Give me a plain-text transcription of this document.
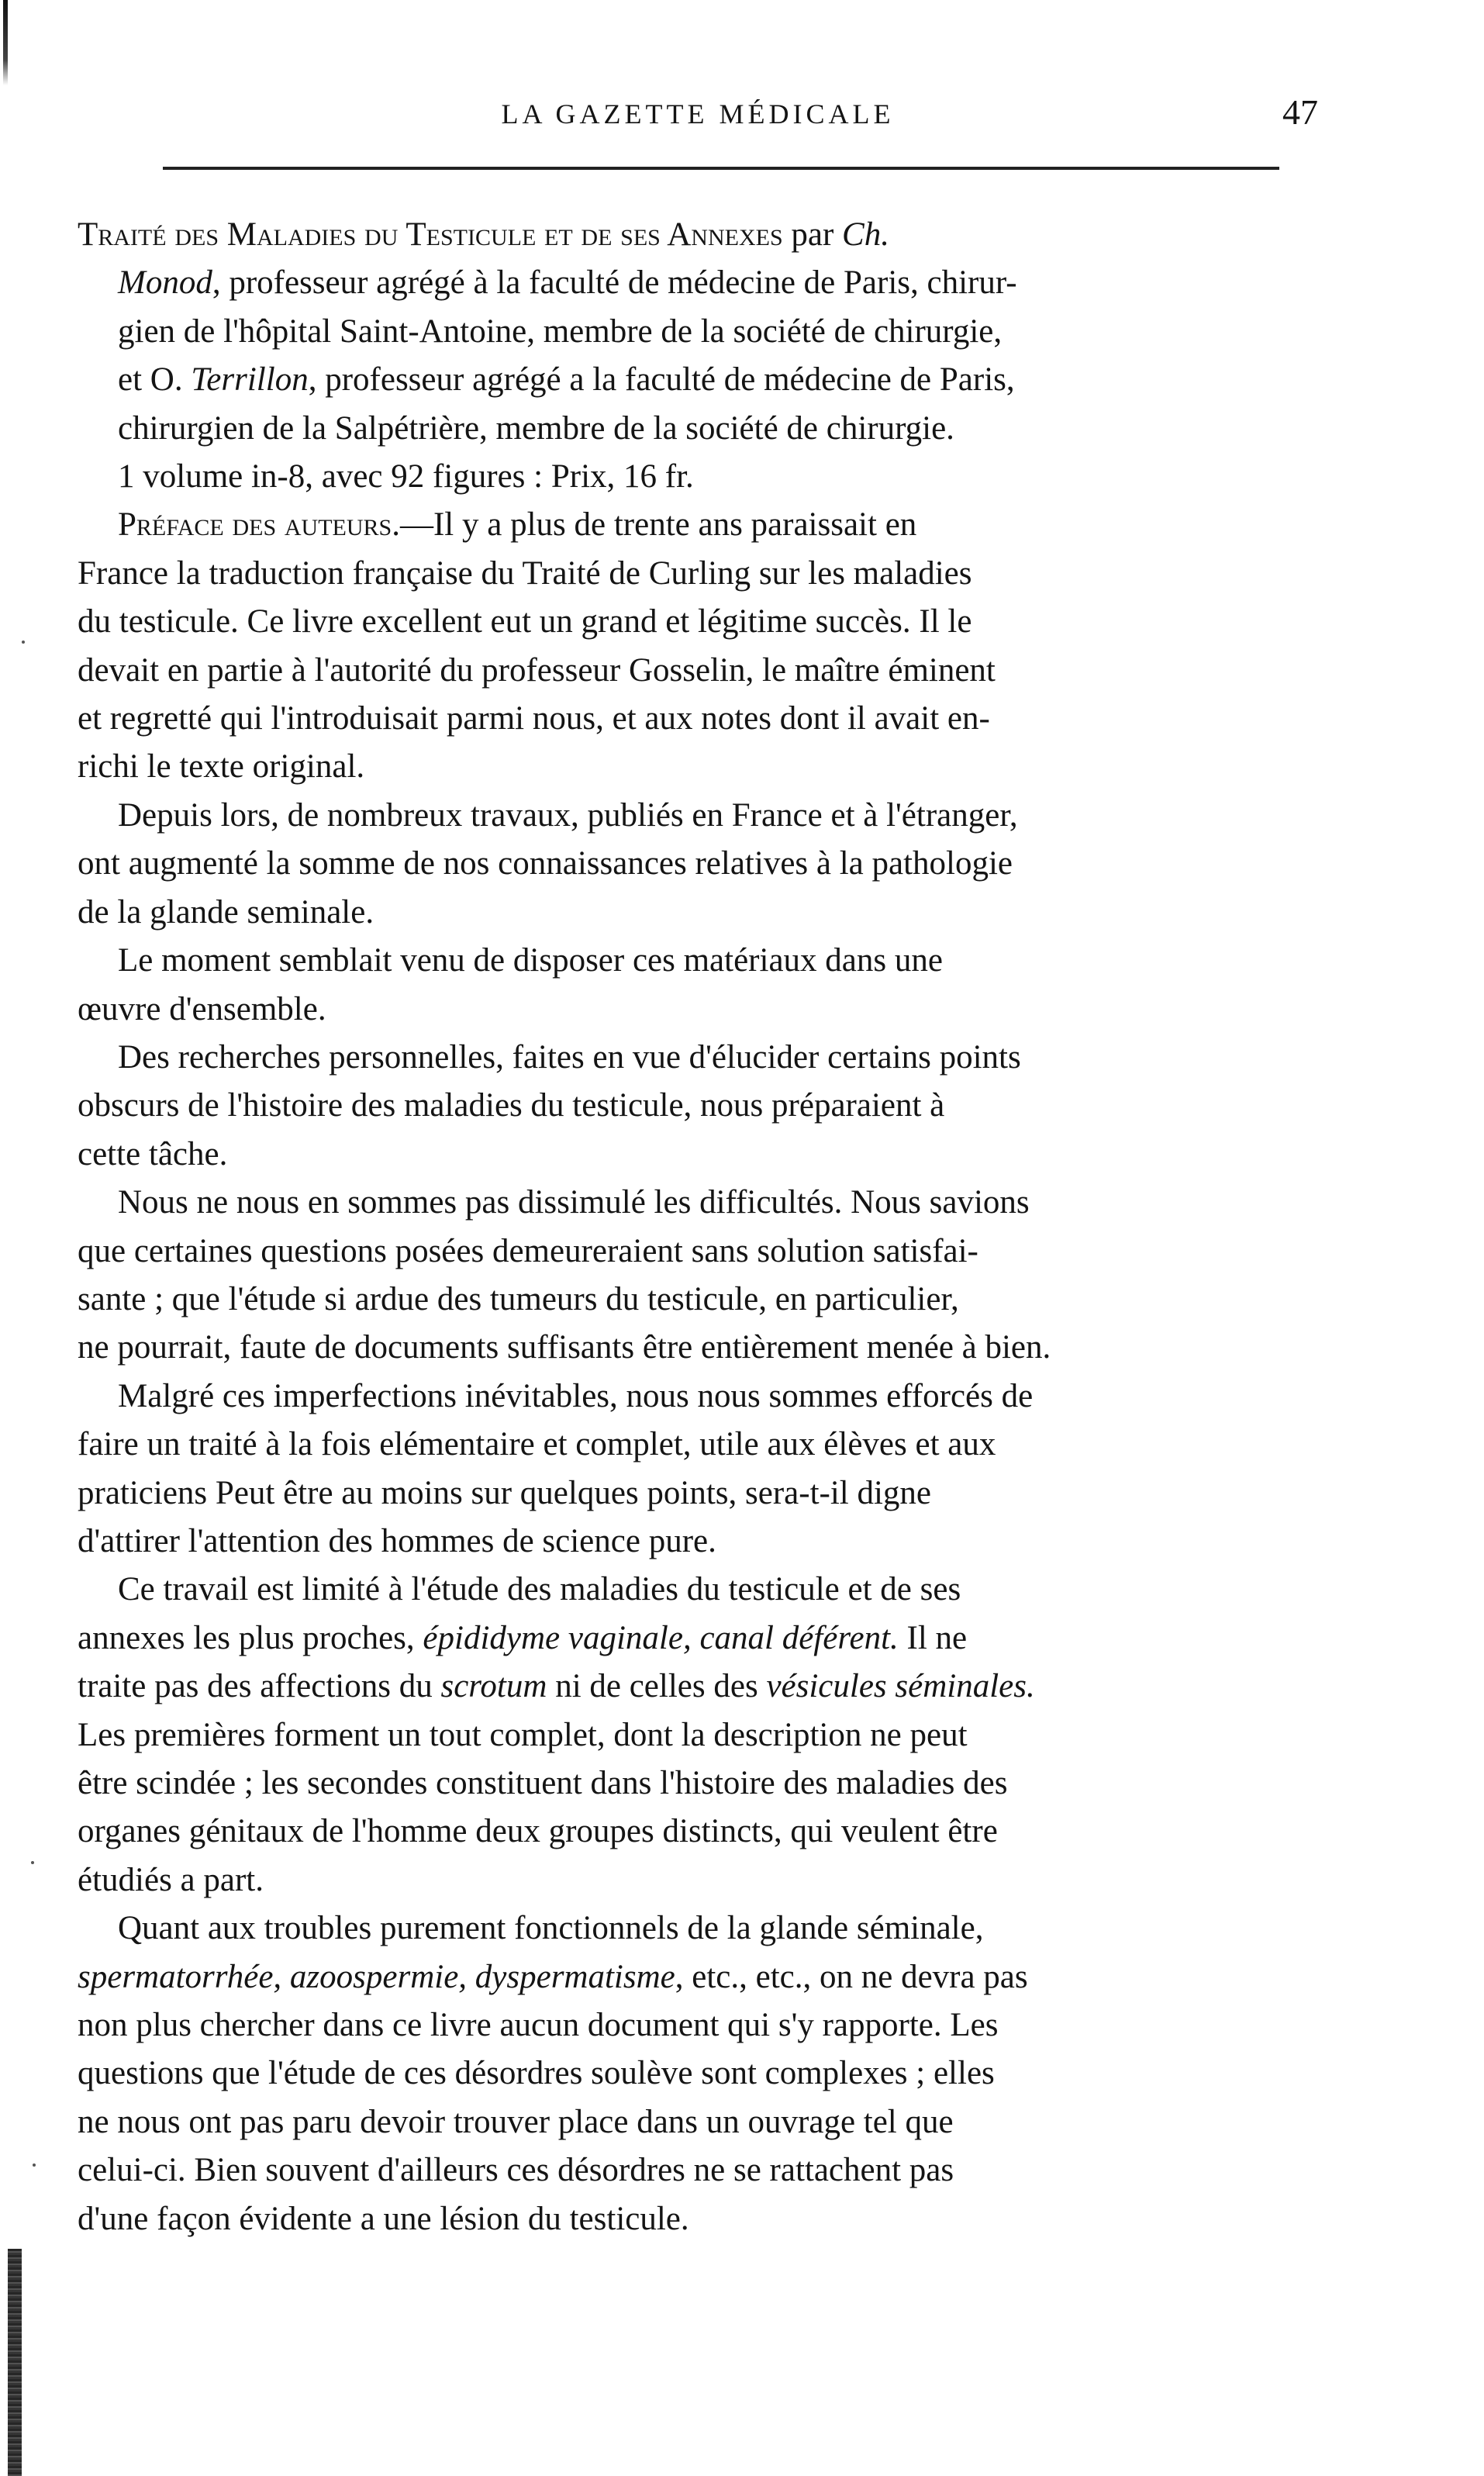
LA GAZETTE MÉDICALE	47
Traité des Maladies du Testicule et de ses Annexes par Ch.
Monod, professeur agrégé à la faculté de médecine de Paris, chirur-
gien de l'hôpital Saint-Antoine, membre de la société de chirurgie,
et O. Terrillon, professeur agrégé a la faculté de médecine de Paris,
chirurgien de la Salpétrière, membre de la société de chirurgie.
1 volume in-8, avec 92 figures : Prix, 16 fr.
Préface des auteurs.—Il y a plus de trente ans paraissait en
France la traduction française du Traité de Curling sur les maladies
du testicule. Ce livre excellent eut un grand et légitime succès. Il le
devait en partie à l'autorité du professeur Gosselin, le maître éminent
et regretté qui l'introduisait parmi nous, et aux notes dont il avait en-
richi le texte original.
Depuis lors, de nombreux travaux, publiés en France et à l'étranger,
ont augmenté la somme de nos connaissances relatives à la pathologie
de la glande seminale.
Le moment semblait venu de disposer ces matériaux dans une
œuvre d'ensemble.
Des recherches personnelles, faites en vue d'élucider certains points
obscurs de l'histoire des maladies du testicule, nous préparaient à
cette tâche.
Nous ne nous en sommes pas dissimulé les difficultés. Nous savions
que certaines questions posées demeureraient sans solution satisfai-
sante ; que l'étude si ardue des tumeurs du testicule, en particulier,
ne pourrait, faute de documents suffisants être entièrement menée à bien.
Malgré ces imperfections inévitables, nous nous sommes efforcés de
faire un traité à la fois elémentaire et complet, utile aux élèves et aux
praticiens Peut être au moins sur quelques points, sera-t-il digne
d'attirer l'attention des hommes de science pure.
Ce travail est limité à l'étude des maladies du testicule et de ses
annexes les plus proches, épididyme vaginale, canal déférent. Il ne
traite pas des affections du scrotum ni de celles des vésicules séminales.
Les premières forment un tout complet, dont la description ne peut
être scindée ; les secondes constituent dans l'histoire des maladies des
organes génitaux de l'homme deux groupes distincts, qui veulent être
étudiés a part.
Quant aux troubles purement fonctionnels de la glande séminale,
spermatorrhée, azoospermie, dyspermatisme, etc., etc., on ne devra pas
non plus chercher dans ce livre aucun document qui s'y rapporte. Les
questions que l'étude de ces désordres soulève sont complexes ; elles
ne nous ont pas paru devoir trouver place dans un ouvrage tel que
celui-ci. Bien souvent d'ailleurs ces désordres ne se rattachent pas
d'une façon évidente a une lésion du testicule.
